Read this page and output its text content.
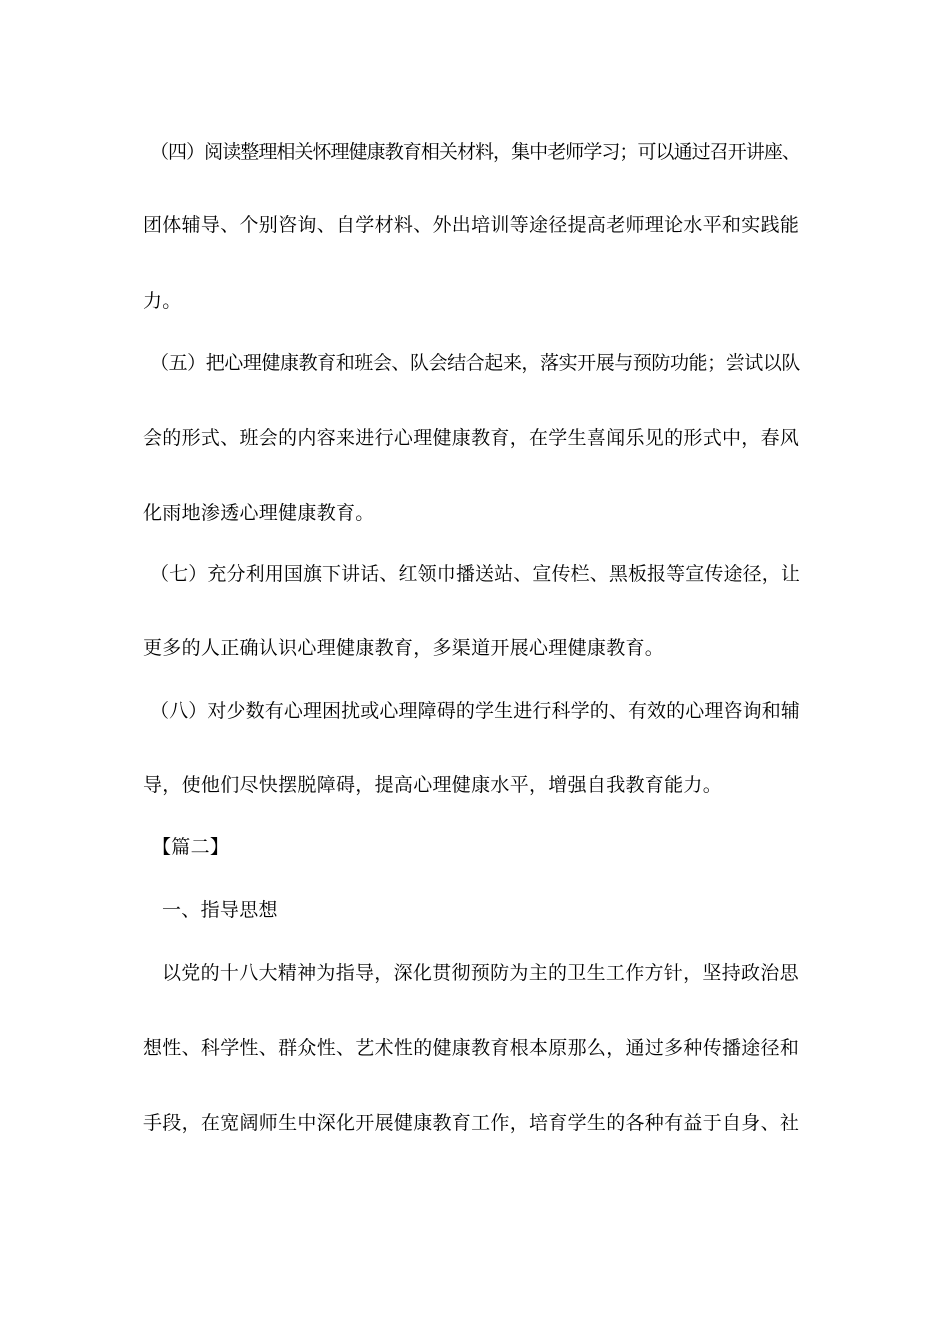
（四）阅读整理相关怀理健康教育相关材料，集中老师学习；可以通过召开讲座、
团体辅导、个别咨询、自学材料、外出培训等途径提高老师理论水平和实践能
力。
（五）把心理健康教育和班会、队会结合起来，落实开展与预防功能；尝试以队
会的形式、班会的内容来进行心理健康教育，在学生喜闻乐见的形式中，春风
化雨地渗透心理健康教育。
（七）充分利用国旗下讲话、红领巾播送站、宣传栏、黑板报等宣传途径，让
更多的人正确认识心理健康教育，多渠道开展心理健康教育。
（八）对少数有心理困扰或心理障碍的学生进行科学的、有效的心理咨询和辅
导，使他们尽快摆脱障碍，提高心理健康水平，增强自我教育能力。
【篇二】
一、指导思想
以党的十八大精神为指导，深化贯彻预防为主的卫生工作方针，坚持政治思
想性、科学性、群众性、艺术性的健康教育根本原那么，通过多种传播途径和
手段，在宽阔师生中深化开展健康教育工作，培育学生的各种有益于自身、社
